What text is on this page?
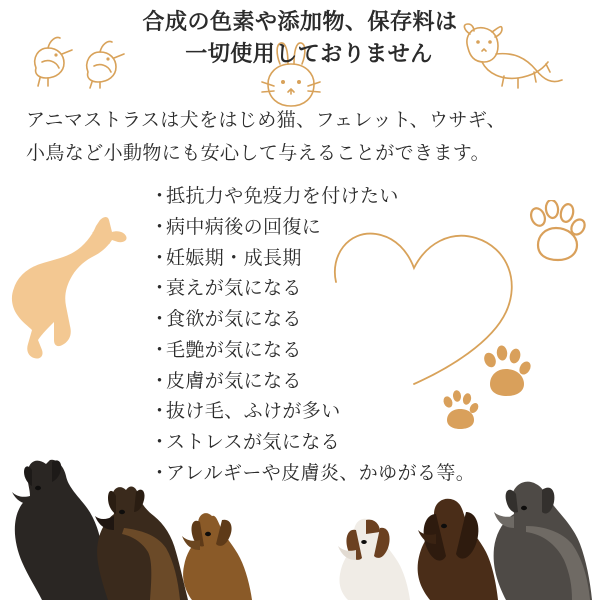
合成の色素や添加物、保存料は
一切使用しておりません
アニマストラスは犬をはじめ猫、フェレット、ウサギ、
小鳥など小動物にも安心して与えることができます。
・抵抗力や免疫力を付けたい
・病中病後の回復に
・妊娠期・成長期
・衰えが気になる
・食欲が気になる
・毛艶が気になる
・皮膚が気になる
・抜け毛、ふけが多い
・ストレスが気になる
・アレルギーや皮膚炎、かゆがる等。
